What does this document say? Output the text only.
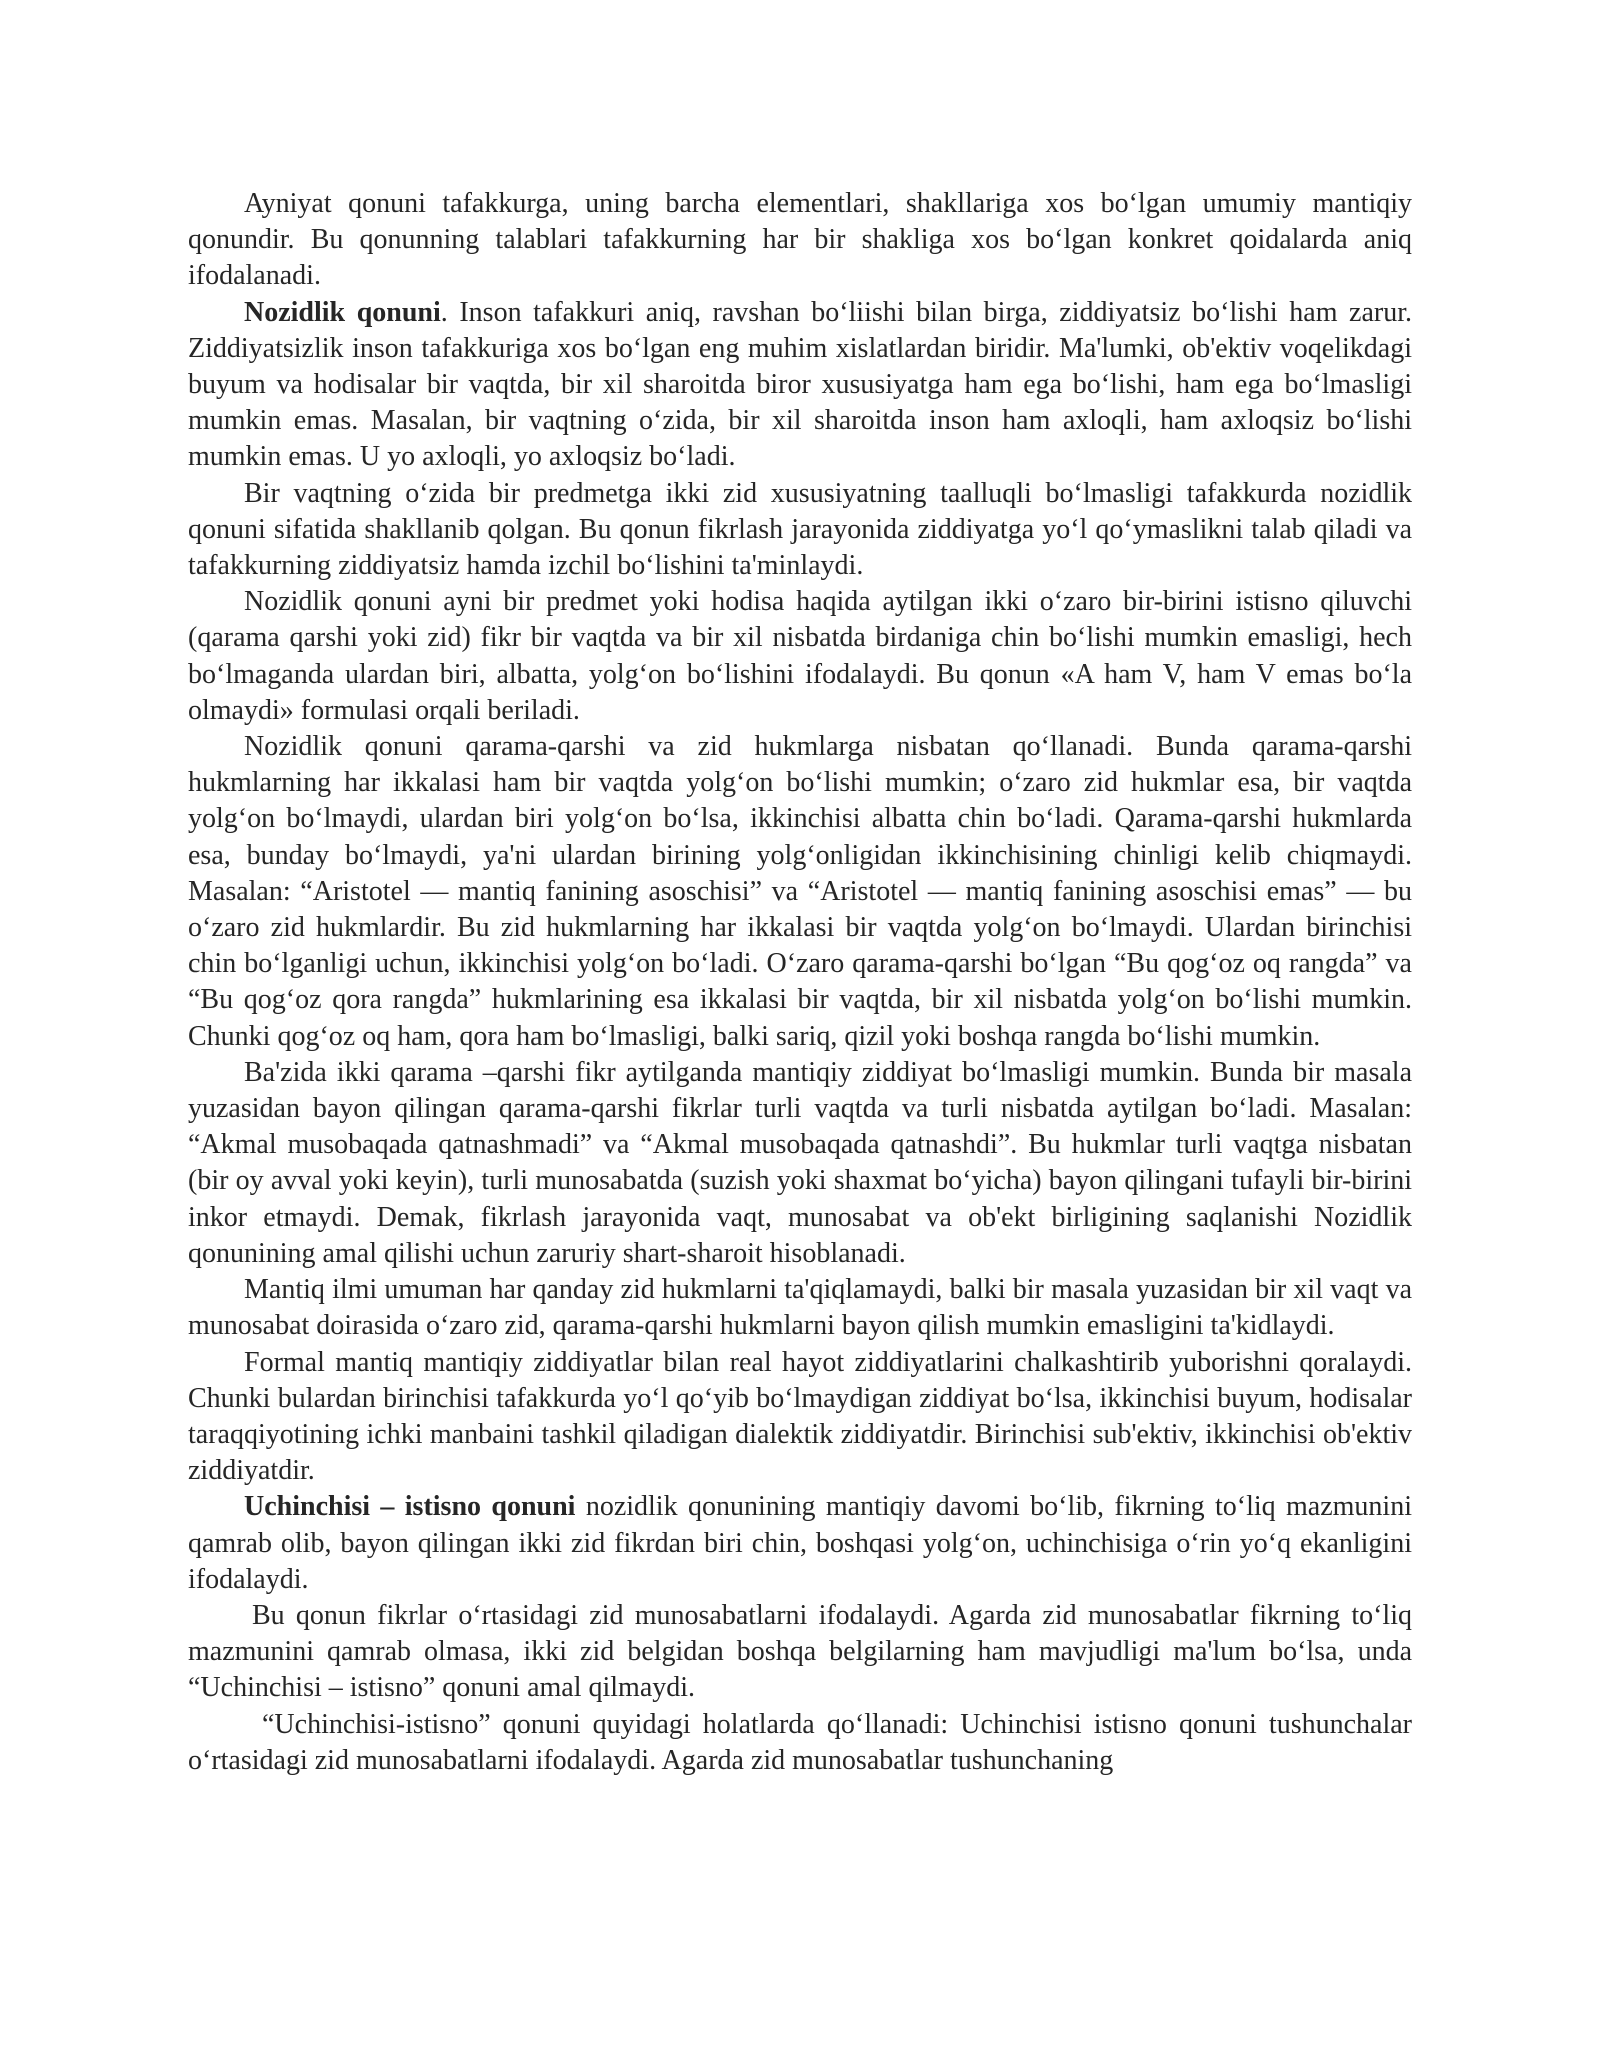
Ayniyat qonuni tafakkurga, uning barcha elementlari, shakllariga xos boʻlgan umumiy mantiqiy qonundir. Bu qonunning talablari tafakkurning har bir shakliga xos boʻlgan konkret qoidalarda aniq ifodalanadi.

Nozidlik qonuni. Inson tafakkuri aniq, ravshan boʻliishi bilan birga, ziddiyatsiz boʻlishi ham zarur. Ziddiyatsizlik inson tafakkuriga xos boʻlgan eng muhim xislatlardan biridir. Ma'lumki, ob'ektiv voqelikdagi buyum va hodisalar bir vaqtda, bir xil sharoitda biror xususiyatga ham ega boʻlishi, ham ega boʻlmasligi mumkin emas. Masalan, bir vaqtning oʻzida, bir xil sharoitda inson ham axloqli, ham axloqsiz boʻlishi mumkin emas. U yo axloqli, yo axloqsiz boʻladi.

Bir vaqtning oʻzida bir predmetga ikki zid xususiyatning taalluqli boʻlmasligi tafakkurda nozidlik qonuni sifatida shakllanib qolgan. Bu qonun fikrlash jarayonida ziddiyatga yoʻl qoʻymaslikni talab qiladi va tafakkurning ziddiyatsiz hamda izchil boʻlishini ta'minlaydi.

Nozidlik qonuni ayni bir predmet yoki hodisa haqida aytilgan ikki oʻzaro bir-birini istisno qiluvchi (qarama qarshi yoki zid) fikr bir vaqtda va bir xil nisbatda birdaniga chin boʻlishi mumkin emasligi, hech boʻlmaganda ulardan biri, albatta, yolgʻon boʻlishini ifodalaydi. Bu qonun «A ham V, ham V emas boʻla olmaydi» formulasi orqali beriladi.

Nozidlik qonuni qarama-qarshi va zid hukmlarga nisbatan qoʻllanadi. Bunda qarama-qarshi hukmlarning har ikkalasi ham bir vaqtda yolgʻon boʻlishi mumkin; oʻzaro zid hukmlar esa, bir vaqtda yolgʻon boʻlmaydi, ulardan biri yolgʻon boʻlsa, ikkinchisi albatta chin boʻladi. Qarama-qarshi hukmlarda esa, bunday boʻlmaydi, ya'ni ulardan birining yolgʻonligidan ikkinchisining chinligi kelib chiqmaydi. Masalan: “Aristotel — mantiq fanining asoschisi” va “Aristotel — mantiq fanining asoschisi emas” — bu oʻzaro zid hukmlardir. Bu zid hukmlarning har ikkalasi bir vaqtda yolgʻon boʻlmaydi. Ulardan birinchisi chin boʻlganligi uchun, ikkinchisi yolgʻon boʻladi. Oʻzaro qarama-qarshi boʻlgan “Bu qogʻoz oq rangda” va “Bu qogʻoz qora rangda” hukmlarining esa ikkalasi bir vaqtda, bir xil nisbatda yolgʻon boʻlishi mumkin. Chunki qogʻoz oq ham, qora ham boʻlmasligi, balki sariq, qizil yoki boshqa rangda boʻlishi mumkin.

Ba'zida ikki qarama –qarshi fikr aytilganda mantiqiy ziddiyat boʻlmasligi mumkin. Bunda bir masala yuzasidan bayon qilingan qarama-qarshi fikrlar turli vaqtda va turli nisbatda aytilgan boʻladi. Masalan: “Akmal musobaqada qatnashmadi” va “Akmal musobaqada qatnashdi”. Bu hukmlar turli vaqtga nisbatan (bir oy avval yoki keyin), turli munosabatda (suzish yoki shaxmat boʻyicha) bayon qilingani tufayli bir-birini inkor etmaydi. Demak, fikrlash jarayonida vaqt, munosabat va ob'ekt birligining saqlanishi Nozidlik qonunining amal qilishi uchun zaruriy shart-sharoit hisoblanadi.

Mantiq ilmi umuman har qanday zid hukmlarni ta'qiqlamaydi, balki bir masala yuzasidan bir xil vaqt va munosabat doirasida oʻzaro zid, qarama-qarshi hukmlarni bayon qilish mumkin emasligini ta'kidlaydi.

Formal mantiq mantiqiy ziddiyatlar bilan real hayot ziddiyatlarini chalkashtirib yuborishni qoralaydi. Chunki bulardan birinchisi tafakkurda yoʻl qoʻyib boʻlmaydigan ziddiyat boʻlsa, ikkinchisi buyum, hodisalar taraqqiyotining ichki manbaini tashkil qiladigan dialektik ziddiyatdir. Birinchisi sub'ektiv, ikkinchisi ob'ektiv ziddiyatdir.

Uchinchisi – istisno qonuni nozidlik qonunining mantiqiy davomi boʻlib, fikrning toʻliq mazmunini qamrab olib, bayon qilingan ikki zid fikrdan biri chin, boshqasi yolgʻon, uchinchisiga oʻrin yoʻq ekanligini ifodalaydi.

Bu qonun fikrlar oʻrtasidagi zid munosabatlarni ifodalaydi. Agarda zid munosabatlar fikrning toʻliq mazmunini qamrab olmasa, ikki zid belgidan boshqa belgilarning ham mavjudligi ma'lum boʻlsa, unda “Uchinchisi – istisno” qonuni amal qilmaydi.

“Uchinchisi-istisno” qonuni quyidagi holatlarda qoʻllanadi: Uchinchisi istisno qonuni tushunchalar oʻrtasidagi zid munosabatlarni ifodalaydi. Agarda zid munosabatlar tushunchaning
